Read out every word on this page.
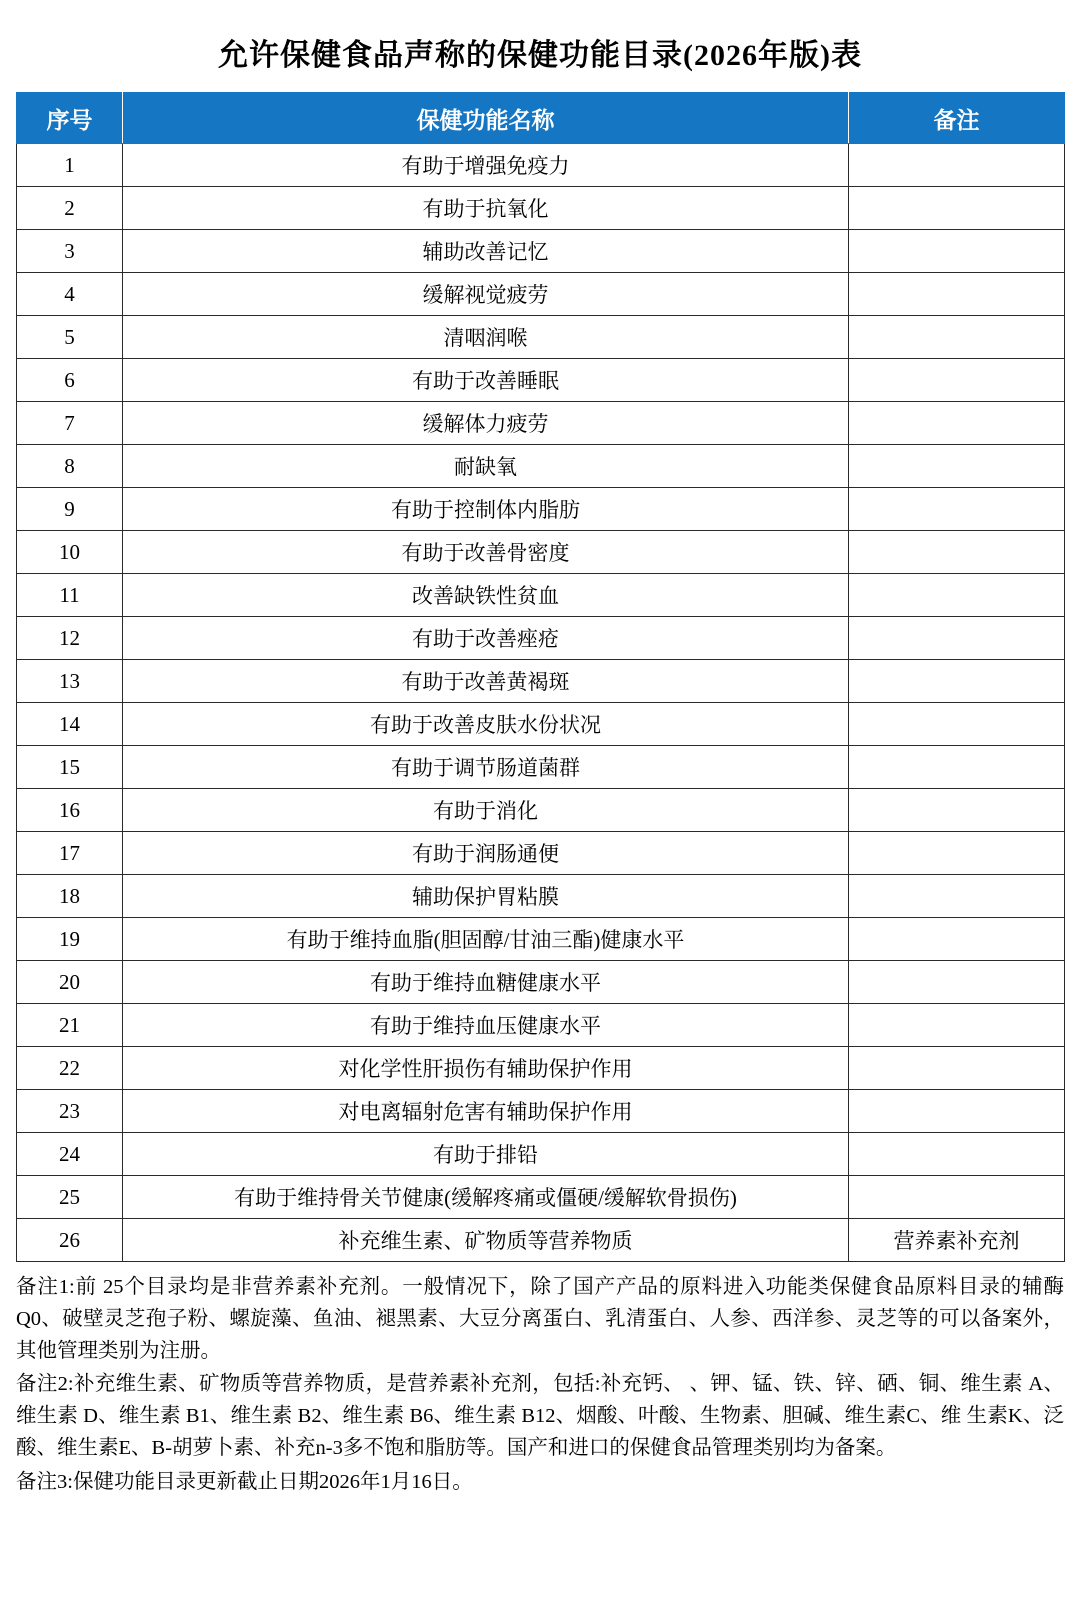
允许保健食品声称的保健功能目录(2026年版)表
序号	保健功能名称	备注
1	有助于增强免疫力	
2	有助于抗氧化	
3	辅助改善记忆	
4	缓解视觉疲劳	
5	清咽润喉	
6	有助于改善睡眠	
7	缓解体力疲劳	
8	耐缺氧	
9	有助于控制体内脂肪	
10	有助于改善骨密度	
11	改善缺铁性贫血	
12	有助于改善痤疮	
13	有助于改善黄褐斑	
14	有助于改善皮肤水份状况	
15	有助于调节肠道菌群	
16	有助于消化	
17	有助于润肠通便	
18	辅助保护胃粘膜	
19	有助于维持血脂(胆固醇/甘油三酯)健康水平	
20	有助于维持血糖健康水平	
21	有助于维持血压健康水平	
22	对化学性肝损伤有辅助保护作用	
23	对电离辐射危害有辅助保护作用	
24	有助于排铅	
25	有助于维持骨关节健康(缓解疼痛或僵硬/缓解软骨损伤)	
26	补充维生素、矿物质等营养物质	营养素补充剂

备注1:前 25个目录均是非营养素补充剂。一般情况下，除了国产产品的原料进入功能类保健食品原料目录的辅酶 Q0、破壁灵芝孢子粉、螺旋藻、鱼油、褪黑素、大豆分离蛋白、乳清蛋白、人参、西洋参、灵芝等的可以备案外，其他管理类别为注册。

备注2:补充维生素、矿物质等营养物质，是营养素补充剂，包括:补充钙、 、钾、锰、铁、锌、硒、铜、维生素 A、维生素 D、维生素 B1、维生素 B2、维生素 B6、维生素 B12、烟酸、叶酸、生物素、胆碱、维生素C、维 生素K、泛酸、维生素E、B-胡萝卜素、补充n-3多不饱和脂肪等。国产和进口的保健食品管理类别均为备案。

备注3:保健功能目录更新截止日期2026年1月16日。
